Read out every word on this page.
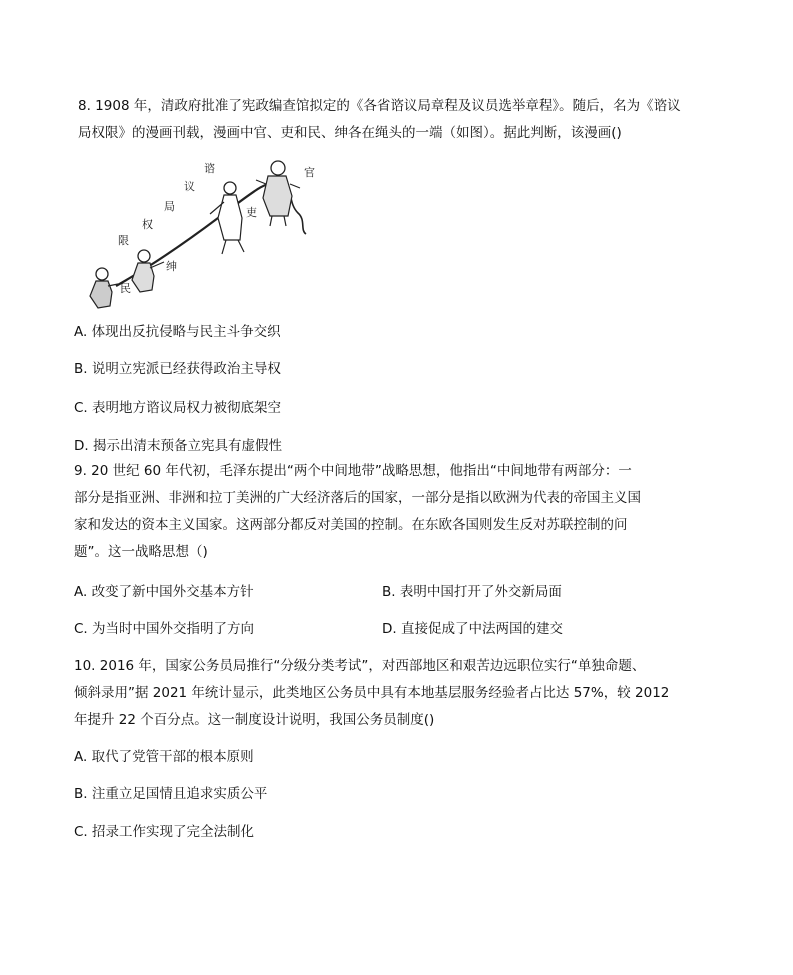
8. 1908 年，清政府批准了宪政编查馆拟定的《各省谘议局章程及议员选举章程》。随后，名为《谘议
局权限》的漫画刊载，漫画中官、吏和民、绅各在绳头的一端（如图）。据此判断，该漫画()
官
吏
绅
民
谘
议
局
权
限
A. 体现出反抗侵略与民主斗争交织
B. 说明立宪派已经获得政治主导权
C. 表明地方谘议局权力被彻底架空
D. 揭示出清末预备立宪具有虚假性
9. 20 世纪 60 年代初，毛泽东提出“两个中间地带”战略思想，他指出“中间地带有两部分：一
部分是指亚洲、非洲和拉丁美洲的广大经济落后的国家，一部分是指以欧洲为代表的帝国主义国
家和发达的资本主义国家。这两部分都反对美国的控制。在东欧各国则发生反对苏联控制的问
题”。这一战略思想（)
A. 改变了新中国外交基本方针	B. 表明中国打开了外交新局面
C. 为当时中国外交指明了方向	D. 直接促成了中法两国的建交
10. 2016 年，国家公务员局推行“分级分类考试”，对西部地区和艰苦边远职位实行“单独命题、
倾斜录用”据 2021 年统计显示，此类地区公务员中具有本地基层服务经验者占比达 57%，较 2012
年提升 22 个百分点。这一制度设计说明，我国公务员制度()
A. 取代了党管干部的根本原则
B. 注重立足国情且追求实质公平
C. 招录工作实现了完全法制化
